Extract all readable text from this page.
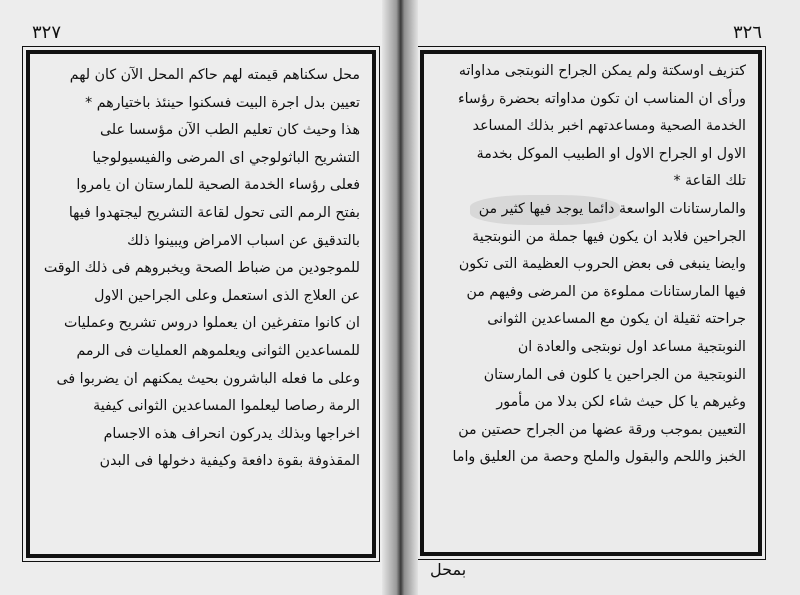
٣٢٧
محل سكناهم قيمته لهم حاكم المحل الآن كان لهم
تعيين بدل اجرة البيت فسكنوا حينئذ باختيارهم *
هذا وحيث كان تعليم الطب الآن مؤسسا على
التشريح الباثولوجي اى المرضى والفيسيولوجيا
فعلى رؤساء الخدمة الصحية للمارستان ان يامروا
بفتح الرمم التى تحول لقاعة التشريح ليجتهدوا فيها
بالتدقيق عن اسباب الامراض ويبينوا ذلك
للموجودين من ضباط الصحة ويخبروهم فى ذلك الوقت
عن العلاج الذى استعمل وعلى الجراحين الاول
ان كانوا متفرغين ان يعملوا دروس تشريح وعمليات
للمساعدين الثوانى ويعلموهم العمليات فى الرمم
وعلى ما فعله الباشرون بحيث يمكنهم ان يضربوا فى
الرمة رصاصا ليعلموا المساعدين الثوانى كيفية
اخراجها وبذلك يدركون انحراف هذه الاجسام
المقذوفة بقوة دافعة وكيفية دخولها فى البدن
٣٢٦
كتزيف اوسكتة ولم يمكن الجراح النوبتجى مداواته
ورأى ان المناسب ان تكون مداواته بحضرة رؤساء
الخدمة الصحية ومساعدتهم اخبر بذلك المساعد
الاول او الجراح الاول او الطبيب الموكل بخدمة
تلك القاعة *
والمارستانات الواسعة دائما يوجد فيها كثير من
الجراحين فلابد ان يكون فيها جملة من النوبتجية
وايضا ينبغى فى بعض الحروب العظيمة التى تكون
فيها المارستانات مملوءة من المرضى وفيهم من
جراحته ثقيلة ان يكون مع المساعدين الثوانى
النوبتجية مساعد اول نوبتجى والعادة ان
النوبتجية من الجراحين يا كلون فى المارستان
وغيرهم يا كل حيث شاء لكن بدلا من مأمور
التعيين بموجب ورقة عضها من الجراح حصتين من
الخبز واللحم والبقول والملح وحصة من العليق واما
بمحل
